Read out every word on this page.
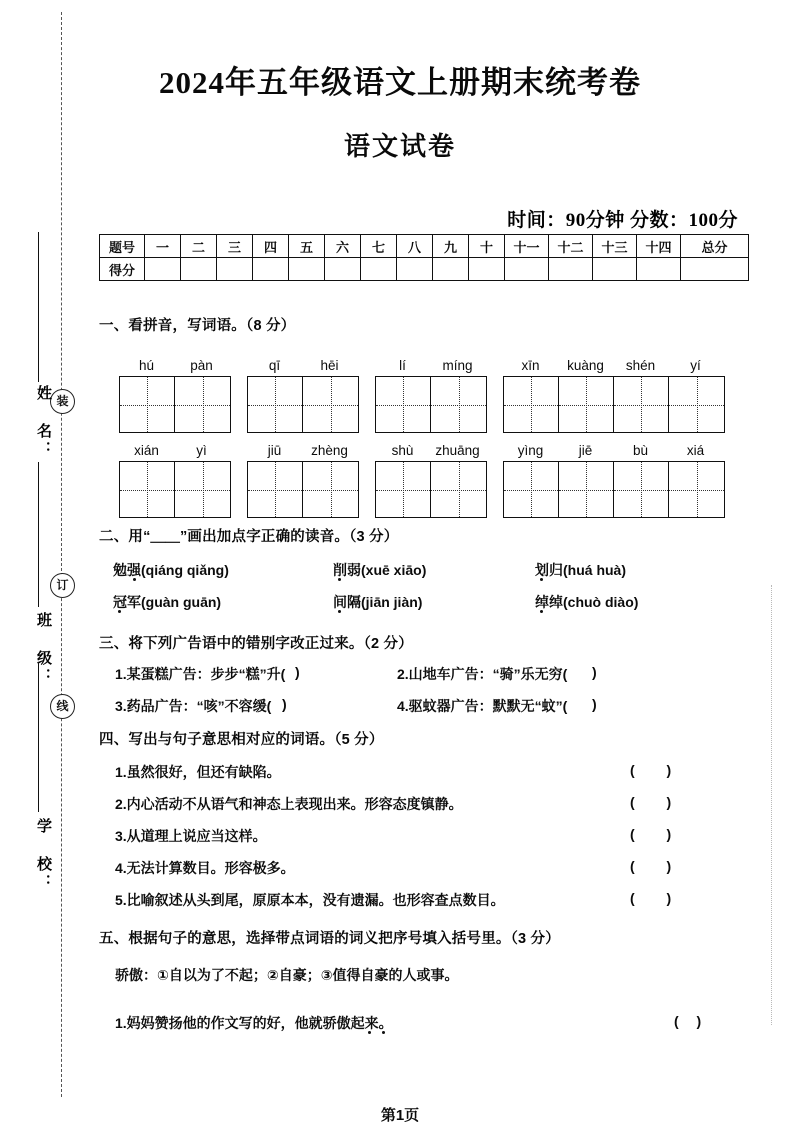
装
订
线
姓 名：
班 级：
学 校：
2024年五年级语文上册期末统考卷
语文试卷
时间：90分钟 分数：100分
题号	一	二	三	四	五	六	七	八	九	十	十一	十二	十三	十四	总分
得分															
一、看拼音，写词语。（8 分）
hú	pàn	qī	hēi	lí	míng	xīn	kuàng	shén	yí
xián	yì	jiū	zhèng	shù	zhuāng	yìng	jiē	bù	xiá
二、用“＿＿”画出加点字正确的读音。（3 分）
勉强(qiáng qiǎng)	削弱(xuē xiāo)	划归(huá huà)
冠军(guàn guān)	间隔(jiān jiàn)	绰绰(chuò diào)
三、将下列广告语中的错别字改正过来。（2 分）
1.某蛋糕广告：步步“糕”升( )	2.山地车广告：“骑”乐无穷( )
3.药品广告：“咳”不容缓( )	4.驱蚊器广告：默默无“蚊”( )
四、写出与句子意思相对应的词语。（5 分）
1.虽然很好，但还有缺陷。	( )
2.内心活动不从语气和神态上表现出来。形容态度镇静。	( )
3.从道理上说应当这样。	( )
4.无法计算数目。形容极多。	( )
5.比喻叙述从头到尾，原原本本，没有遗漏。也形容查点数目。	( )
五、根据句子的意思，选择带点词语的词义把序号填入括号里。（3 分）
骄傲：①自以为了不起；②自豪；③值得自豪的人或事。
1.妈妈赞扬他的作文写的好，他就骄傲起来。	( )
第1页
